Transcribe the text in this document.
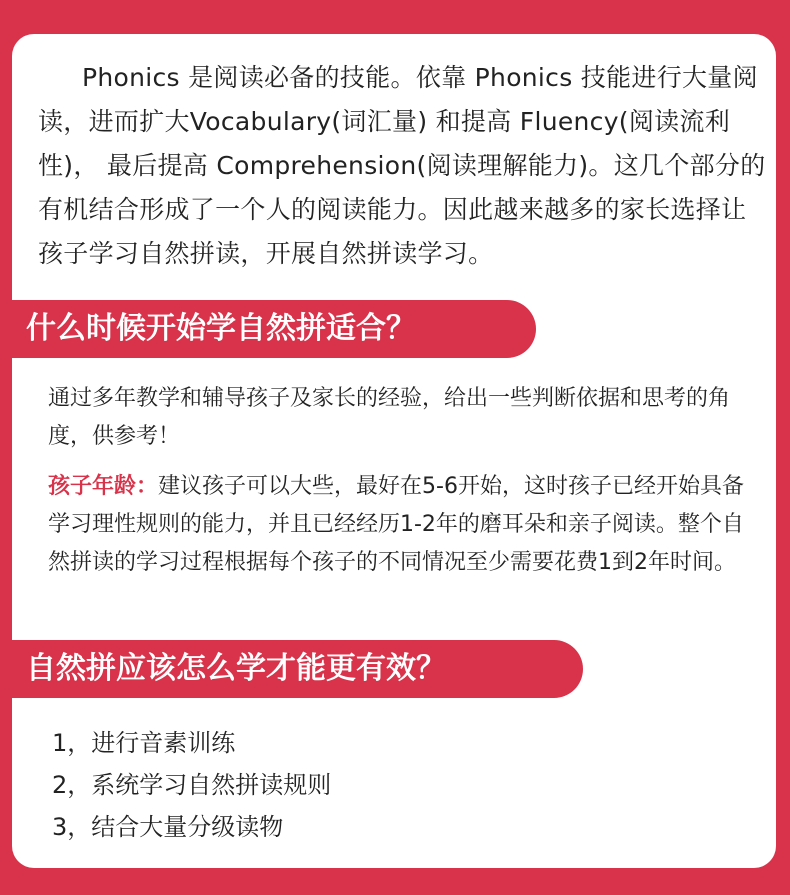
Phonics 是阅读必备的技能。依靠 Phonics 技能进行大量阅读，进而扩大Vocabulary(词汇量) 和提高 Fluency(阅读流利性)， 最后提高 Comprehension(阅读理解能力)。这几个部分的有机结合形成了一个人的阅读能力。因此越来越多的家长选择让孩子学习自然拼读，开展自然拼读学习。

什么时候开始学自然拼适合？

通过多年教学和辅导孩子及家长的经验，给出一些判断依据和思考的角度，供参考！

孩子年龄：建议孩子可以大些，最好在5-6开始，这时孩子已经开始具备学习理性规则的能力，并且已经经历1-2年的磨耳朵和亲子阅读。整个自然拼读的学习过程根据每个孩子的不同情况至少需要花费1到2年时间。

自然拼应该怎么学才能更有效？
1，进行音素训练
2，系统学习自然拼读规则
3，结合大量分级读物
